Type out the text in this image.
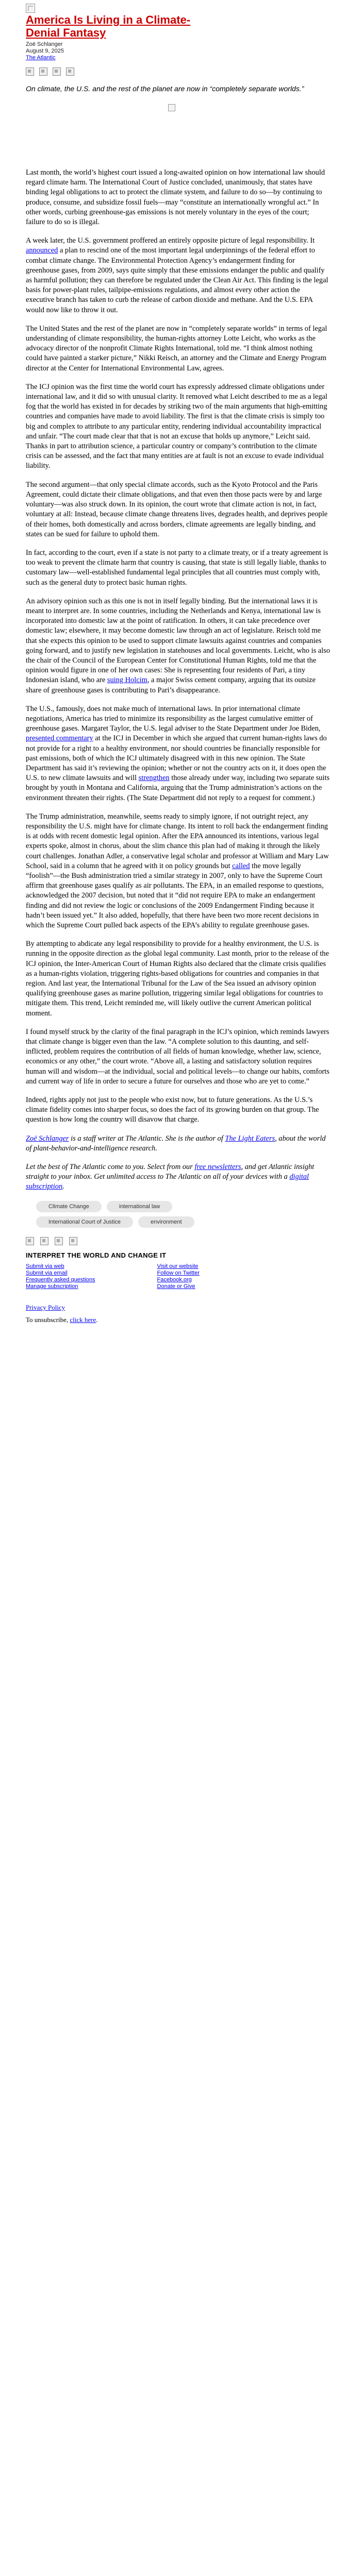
America Is Living in a Climate-Denial Fantasy
Zoë Schlanger
August 9, 2025
The Atlantic

On climate, the U.S. and the rest of the planet are now in “completely separate worlds.”

Last month, the world’s highest court issued a long-awaited opinion on how international law should regard climate harm. The International Court of Justice concluded, unanimously, that states have binding legal obligations to act to protect the climate system, and failure to do so—by continuing to produce, consume, and subsidize fossil fuels—may “constitute an internationally wrongful act.” In other words, curbing greenhouse-gas emissions is not merely voluntary in the eyes of the court; failure to do so is illegal.

A week later, the U.S. government proffered an entirely opposite picture of legal responsibility. It announced a plan to rescind one of the most important legal underpinnings of the federal effort to combat climate change. The Environmental Protection Agency’s endangerment finding for greenhouse gases, from 2009, says quite simply that these emissions endanger the public and qualify as harmful pollution; they can therefore be regulated under the Clean Air Act. This finding is the legal basis for power-plant rules, tailpipe-emissions regulations, and almost every other action the executive branch has taken to curb the release of carbon dioxide and methane. And the U.S. EPA would now like to throw it out.

The United States and the rest of the planet are now in “completely separate worlds” in terms of legal understanding of climate responsibility, the human-rights attorney Lotte Leicht, who works as the advocacy director of the nonprofit Climate Rights International, told me. “I think almost nothing could have painted a starker picture,” Nikki Reisch, an attorney and the Climate and Energy Program director at the Center for International Environmental Law, agrees.

The ICJ opinion was the first time the world court has expressly addressed climate obligations under international law, and it did so with unusual clarity. It removed what Leicht described to me as a legal fog that the world has existed in for decades by striking two of the main arguments that high-emitting countries and companies have made to avoid liability. The first is that the climate crisis is simply too big and complex to attribute to any particular entity, rendering individual accountability impractical and unfair. “The court made clear that that is not an excuse that holds up anymore,” Leicht said. Thanks in part to attribution science, a particular country or company’s contribution to the climate crisis can be assessed, and the fact that many entities are at fault is not an excuse to evade individual liability.

The second argument—that only special climate accords, such as the Kyoto Protocol and the Paris Agreement, could dictate their climate obligations, and that even then those pacts were by and large voluntary—was also struck down. In its opinion, the court wrote that climate action is not, in fact, voluntary at all: Instead, because climate change threatens lives, degrades health, and deprives people of their homes, both domestically and across borders, climate agreements are legally binding, and states can be sued for failure to uphold them.

In fact, according to the court, even if a state is not party to a climate treaty, or if a treaty agreement is too weak to prevent the climate harm that country is causing, that state is still legally liable, thanks to customary law—well-established fundamental legal principles that all countries must comply with, such as the general duty to protect basic human rights.

An advisory opinion such as this one is not in itself legally binding. But the international laws it is meant to interpret are. In some countries, including the Netherlands and Kenya, international law is incorporated into domestic law at the point of ratification. In others, it can take precedence over domestic law; elsewhere, it may become domestic law through an act of legislature. Reisch told me that she expects this opinion to be used to support climate lawsuits against countries and companies going forward, and to justify new legislation in statehouses and local governments. Leicht, who is also the chair of the Council of the European Center for Constitutional Human Rights, told me that the opinion would figure in one of her own cases: She is representing four residents of Pari, a tiny Indonesian island, who are suing Holcim, a major Swiss cement company, arguing that its outsize share of greenhouse gases is contributing to Pari’s disappearance.

The U.S., famously, does not make much of international laws. In prior international climate negotiations, America has tried to minimize its responsibility as the largest cumulative emitter of greenhouse gases. Margaret Taylor, the U.S. legal adviser to the State Department under Joe Biden, presented commentary at the ICJ in December in which she argued that current human-rights laws do not provide for a right to a healthy environment, nor should countries be financially responsible for past emissions, both of which the ICJ ultimately disagreed with in this new opinion. The State Department has said it’s reviewing the opinion; whether or not the country acts on it, it does open the U.S. to new climate lawsuits and will strengthen those already under way, including two separate suits brought by youth in Montana and California, arguing that the Trump administration’s actions on the environment threaten their rights. (The State Department did not reply to a request for comment.)

The Trump administration, meanwhile, seems ready to simply ignore, if not outright reject, any responsibility the U.S. might have for climate change. Its intent to roll back the endangerment finding is at odds with recent domestic legal opinion. After the EPA announced its intentions, various legal experts spoke, almost in chorus, about the slim chance this plan had of making it through the likely court challenges. Jonathan Adler, a conservative legal scholar and professor at William and Mary Law School, said in a column that he agreed with it on policy grounds but called the move legally “foolish”—the Bush administration tried a similar strategy in 2007, only to have the Supreme Court affirm that greenhouse gases qualify as air pollutants. The EPA, in an emailed response to questions, acknowledged the 2007 decision, but noted that it “did not require EPA to make an endangerment finding and did not review the logic or conclusions of the 2009 Endangerment Finding because it hadn’t been issued yet.” It also added, hopefully, that there have been two more recent decisions in which the Supreme Court pulled back aspects of the EPA’s ability to regulate greenhouse gases.

By attempting to abdicate any legal responsibility to provide for a healthy environment, the U.S. is running in the opposite direction as the global legal community. Last month, prior to the release of the ICJ opinion, the Inter-American Court of Human Rights also declared that the climate crisis qualifies as a human-rights violation, triggering rights-based obligations for countries and companies in that region. And last year, the International Tribunal for the Law of the Sea issued an advisory opinion qualifying greenhouse gases as marine pollution, triggering similar legal obligations for countries to mitigate them. This trend, Leicht reminded me, will likely outlive the current American political moment.

I found myself struck by the clarity of the final paragraph in the ICJ’s opinion, which reminds lawyers that climate change is bigger even than the law. “A complete solution to this daunting, and self-inflicted, problem requires the contribution of all fields of human knowledge, whether law, science, economics or any other,” the court wrote. “Above all, a lasting and satisfactory solution requires human will and wisdom—at the individual, social and political levels—to change our habits, comforts and current way of life in order to secure a future for ourselves and those who are yet to come.”

Indeed, rights apply not just to the people who exist now, but to future generations. As the U.S.’s climate fidelity comes into sharper focus, so does the fact of its growing burden on that group. The question is how long the country will disavow that charge.

Zoë Schlanger is a staff writer at The Atlantic. She is the author of The Light Eaters, about the world of plant-behavior-and-intelligence research.

Let the best of The Atlantic come to you. Select from our free newsletters, and get Atlantic insight straight to your inbox. Get unlimited access to The Atlantic on all of your devices with a digital subscription.

Climate Change	international law
International Court of Justice	environment
INTERPRET THE WORLD AND CHANGE IT
Submit via web
Submit via email
Frequently asked questions
Manage subscription
Visit our website
Follow on Twitter
Facebook.org
Donate or Give
Privacy Policy
To unsubscribe, click here.
